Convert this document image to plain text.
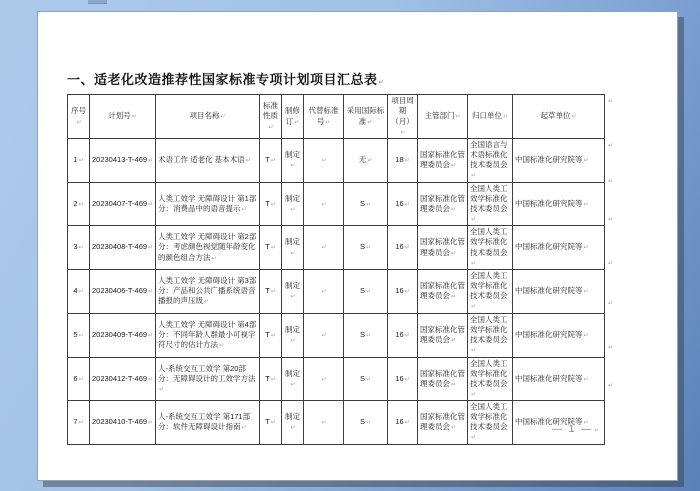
一、适老化改造推荐性国家标准专项计划项目汇总表 ↵
序号 ↵	计划号 ↵	项目名称 ↵	标准性质 ↵	制修订 ↵	代替标准号 ↵	采用国际标准 ↵	项目周期（月） ↵	主管部门 ↵	归口单位 ↵	起草单位 ↵
1 ↵	20230413-T-469 ↵	术语工作 适老化 基本术语 ↵	T ↵	制定 ↵	↵	无 ↵	18 ↵	国家标准化管理委员会 ↵	全国语言与术语标准化技术委员会 ↵	中国标准化研究院等 ↵
2 ↵	20230407-T-469 ↵	人类工效学 无障碍设计 第1部分：消费品中的语音提示 ↵	T ↵	制定 ↵	↵	S ↵	16 ↵	国家标准化管理委员会 ↵	全国人类工效学标准化技术委员会 ↵	中国标准化研究院等 ↵
3 ↵	20230408-T-469 ↵	人类工效学 无障碍设计 第2部分：考虑颜色视觉随年龄变化的颜色组合方法 ↵	T ↵	制定 ↵	↵	S ↵	16 ↵	国家标准化管理委员会 ↵	全国人类工效学标准化技术委员会 ↵	中国标准化研究院等 ↵
4 ↵	20230406-T-469 ↵	人类工效学 无障碍设计 第3部分：产品和公共广播系统语音播报的声压级 ↵	T ↵	制定 ↵	↵	S ↵	16 ↵	国家标准化管理委员会 ↵	全国人类工效学标准化技术委员会 ↵	中国标准化研究院等 ↵
5 ↵	20230409-T-469 ↵	人类工效学 无障碍设计 第4部分：不同年龄人群最小可视字符尺寸的估计方法 ↵	T ↵	制定 ↵	↵	S ↵	16 ↵	国家标准化管理委员会 ↵	全国人类工效学标准化技术委员会 ↵	中国标准化研究院等 ↵
6 ↵	20230412-T-469 ↵	人-系统交互工效学 第20部分：无障碍设计的工效学方法 ↵	T ↵	制定 ↵	↵	S ↵	16 ↵	国家标准化管理委员会 ↵	全国人类工效学标准化技术委员会 ↵	中国标准化研究院等 ↵
7 ↵	20230410-T-469 ↵	人-系统交互工效学 第171部分：软件无障碍设计指南 ↵	T ↵	制定 ↵	↵	S ↵	16 ↵	国家标准化管理委员会 ↵	全国人类工效学标准化技术委员会 ↵	中国标准化研究院等 ↵
↵
↵
↵
↵
↵
↵
↵
↵
— 1 — ↵
